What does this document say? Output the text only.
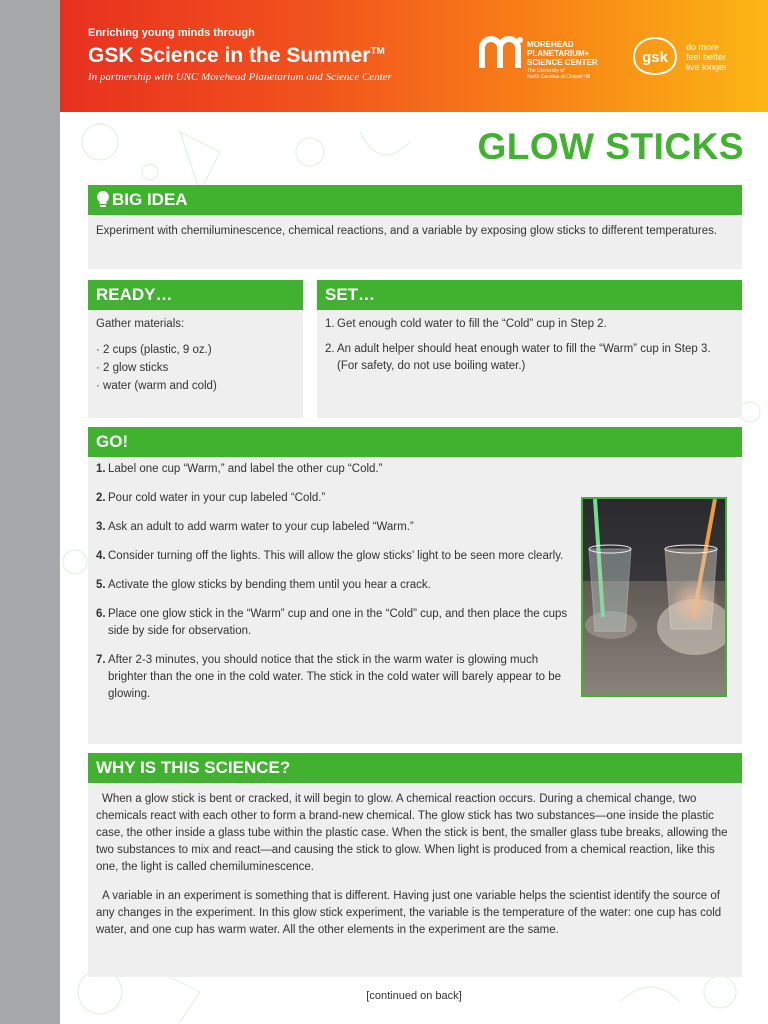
Enriching young minds through
GSK Science in the Summer™
In partnership with UNC Morehead Planetarium and Science Center
MOREHEAD
PLANETARIUM+
SCIENCE CENTER
The University of
North Carolina at Chapel Hill
gsk
do more
feel better
live longer
GLOW STICKS
BIG IDEA
Experiment with chemiluminescence, chemical reactions, and a variable by exposing glow sticks to different temperatures.
READY…
Gather materials:
· 2 cups (plastic, 9 oz.)
· 2 glow sticks
· water (warm and cold)
SET…
1. Get enough cold water to fill the “Cold” cup in Step 2.
2. An adult helper should heat enough water to fill the “Warm” cup in Step 3. (For safety, do not use boiling water.)
GO!
1. Label one cup “Warm,” and label the other cup “Cold.”
2. Pour cold water in your cup labeled “Cold.”
3. Ask an adult to add warm water to your cup labeled “Warm.”
4. Consider turning off the lights. This will allow the glow sticks’ light to be seen more clearly.
5. Activate the glow sticks by bending them until you hear a crack.
6. Place one glow stick in the “Warm” cup and one in the “Cold” cup, and then place the cups side by side for observation.
7. After 2-3 minutes, you should notice that the stick in the warm water is glowing much brighter than the one in the cold water. The stick in the cold water will barely appear to be glowing.
WHY IS THIS SCIENCE?

When a glow stick is bent or cracked, it will begin to glow. A chemical reaction occurs. During a chemical change, two chemicals react with each other to form a brand-new chemical. The glow stick has two substances—one inside the plastic case, the other inside a glass tube within the plastic case. When the stick is bent, the smaller glass tube breaks, allowing the two substances to mix and react—and causing the stick to glow. When light is produced from a chemical reaction, like this one, the light is called chemiluminescence.

A variable in an experiment is something that is different. Having just one variable helps the scientist identify the source of any changes in the experiment. In this glow stick experiment, the variable is the temperature of the water: one cup has cold water, and one cup has warm water. All the other elements in the experiment are the same.

[continued on back]
